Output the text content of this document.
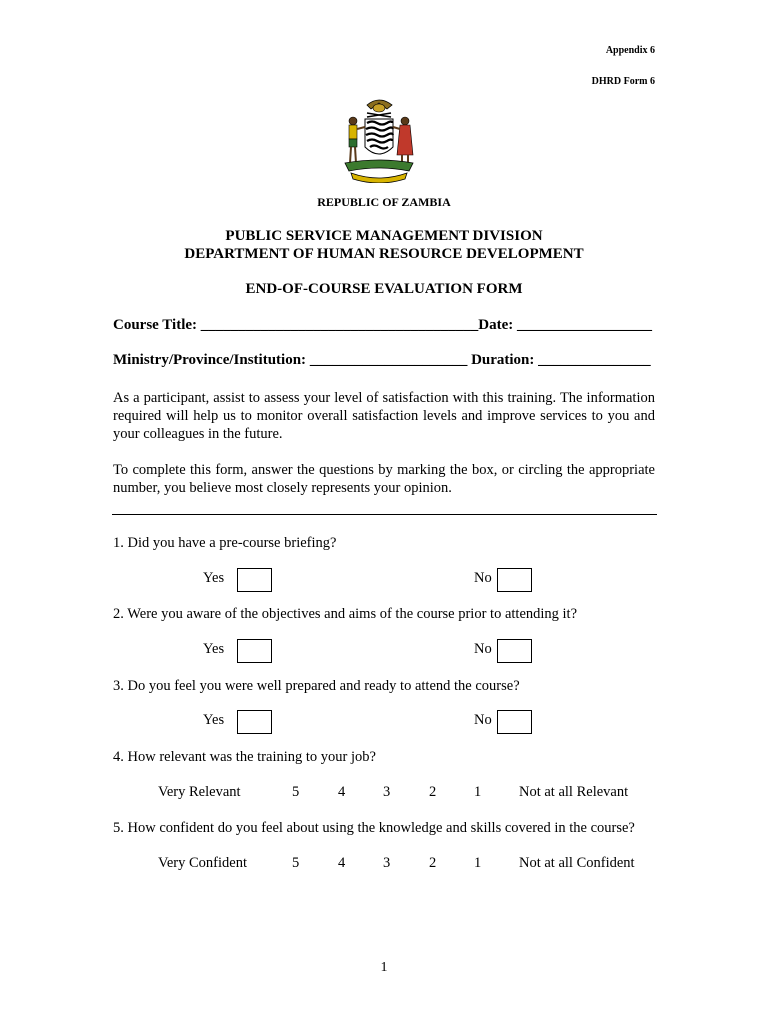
Appendix 6
DHRD Form 6
REPUBLIC OF ZAMBIA
PUBLIC SERVICE MANAGEMENT DIVISION
DEPARTMENT OF HUMAN RESOURCE DEVELOPMENT
END-OF-COURSE EVALUATION FORM
Course Title: _____________________________________Date: __________________
Ministry/Province/Institution: _____________________ Duration: _______________
As a participant, assist to assess your level of satisfaction with this training. The information required will help us to monitor overall satisfaction levels and improve services to you and your colleagues in the future.
To complete this form, answer the questions by marking the box, or circling the appropriate number, you believe most closely represents your opinion.
1. Did you have a pre-course briefing?
Yes	No
2. Were you aware of the objectives and aims of the course prior to attending it?
Yes	No
3. Do you feel you were well prepared and ready to attend the course?
Yes	No
4. How relevant was the training to your job?
Very Relevant	5	4	3	2	1	Not at all Relevant
5. How confident do you feel about using the knowledge and skills covered in the course?
Very Confident	5	4	3	2	1	Not at all Confident
1
